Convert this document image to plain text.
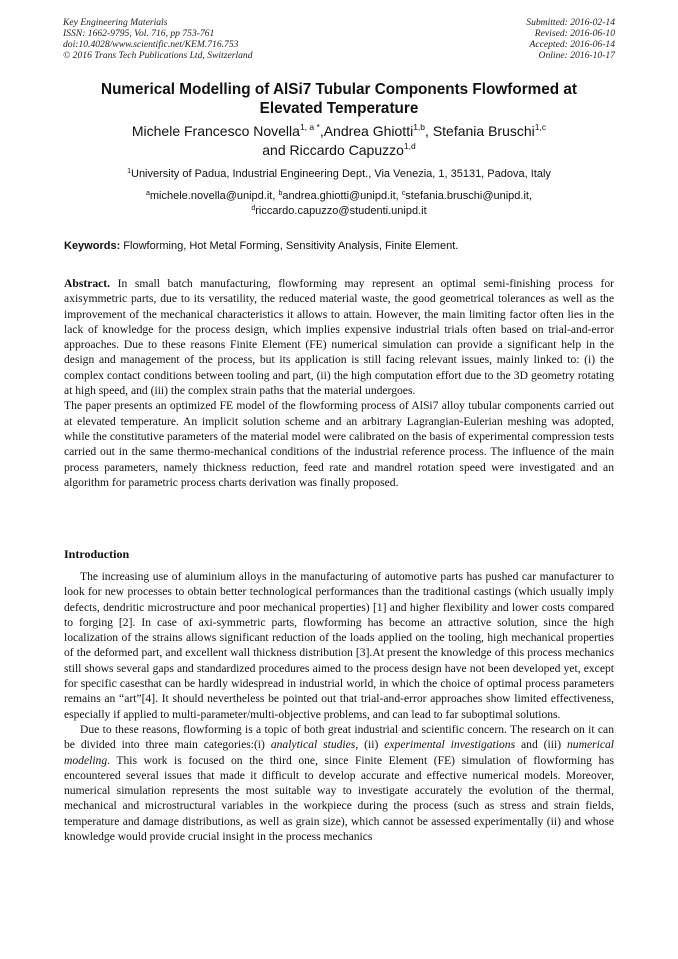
Key Engineering Materials
ISSN: 1662-9795, Vol. 716, pp 753-761
doi:10.4028/www.scientific.net/KEM.716.753
© 2016 Trans Tech Publications Ltd, Switzerland
Submitted: 2016-02-14
Revised: 2016-06-10
Accepted: 2016-06-14
Online: 2016-10-17
Numerical Modelling of AlSi7 Tubular Components Flowformed at
Elevated Temperature
Michele Francesco Novella$^{1, a *}$,Andrea Ghiotti$^{1,b}$, Stefania Bruschi$^{1,c}$
and Riccardo Capuzzo$^{1,d}$
$^1$University of Padua, Industrial Engineering Dept., Via Venezia, 1, 35131, Padova, Italy
$^a$michele.novella@unipd.it, $^b$andrea.ghiotti@unipd.it, $^c$stefania.bruschi@unipd.it,
$^d$riccardo.capuzzo@studenti.unipd.it
Keywords: Flowforming, Hot Metal Forming, Sensitivity Analysis, Finite Element.

Abstract. In small batch manufacturing, flowforming may represent an optimal semi-finishing process for axisymmetric parts, due to its versatility, the reduced material waste, the good geometrical tolerances as well as the improvement of the mechanical characteristics it allows to attain. However, the main limiting factor often lies in the lack of knowledge for the process design, which implies expensive industrial trials often based on trial-and-error approaches. Due to these reasons Finite Element (FE) numerical simulation can provide a significant help in the design and management of the process, but its application is still facing relevant issues, mainly linked to: (i) the complex contact conditions between tooling and part, (ii) the high computation effort due to the 3D geometry rotating at high speed, and (iii) the complex strain paths that the material undergoes.

The paper presents an optimized FE model of the flowforming process of AlSi7 alloy tubular components carried out at elevated temperature. An implicit solution scheme and an arbitrary Lagrangian-Eulerian meshing was adopted, while the constitutive parameters of the material model were calibrated on the basis of experimental compression tests carried out in the same thermo-mechanical conditions of the industrial reference process. The influence of the main process parameters, namely thickness reduction, feed rate and mandrel rotation speed were investigated and an algorithm for parametric process charts derivation was finally proposed.

Introduction

The increasing use of aluminium alloys in the manufacturing of automotive parts has pushed car manufacturer to look for new processes to obtain better technological performances than the traditional castings (which usually imply defects, dendritic microstructure and poor mechanical properties) [1] and higher flexibility and lower costs compared to forging [2]. In case of axi-symmetric parts, flowforming has become an attractive solution, since the high localization of the strains allows significant reduction of the loads applied on the tooling, high mechanical properties of the deformed part, and excellent wall thickness distribution [3].At present the knowledge of this process mechanics still shows several gaps and standardized procedures aimed to the process design have not been developed yet, except for specific casesthat can be hardly widespread in industrial world, in which the choice of optimal process parameters remains an “art”[4]. It should nevertheless be pointed out that trial-and-error approaches show limited effectiveness, especially if applied to multi-parameter/multi-objective problems, and can lead to far suboptimal solutions.

Due to these reasons, flowforming is a topic of both great industrial and scientific concern. The research on it can be divided into three main categories:(i) analytical studies, (ii) experimental investigations and (iii) numerical modeling. This work is focused on the third one, since Finite Element (FE) simulation of flowforming has encountered several issues that made it difficult to develop accurate and effective numerical models. Moreover, numerical simulation represents the most suitable way to investigate accurately the evolution of the thermal, mechanical and microstructural variables in the workpiece during the process (such as stress and strain fields, temperature and damage distributions, as well as grain size), which cannot be assessed experimentally (ii) and whose knowledge would provide crucial insight in the process mechanics
